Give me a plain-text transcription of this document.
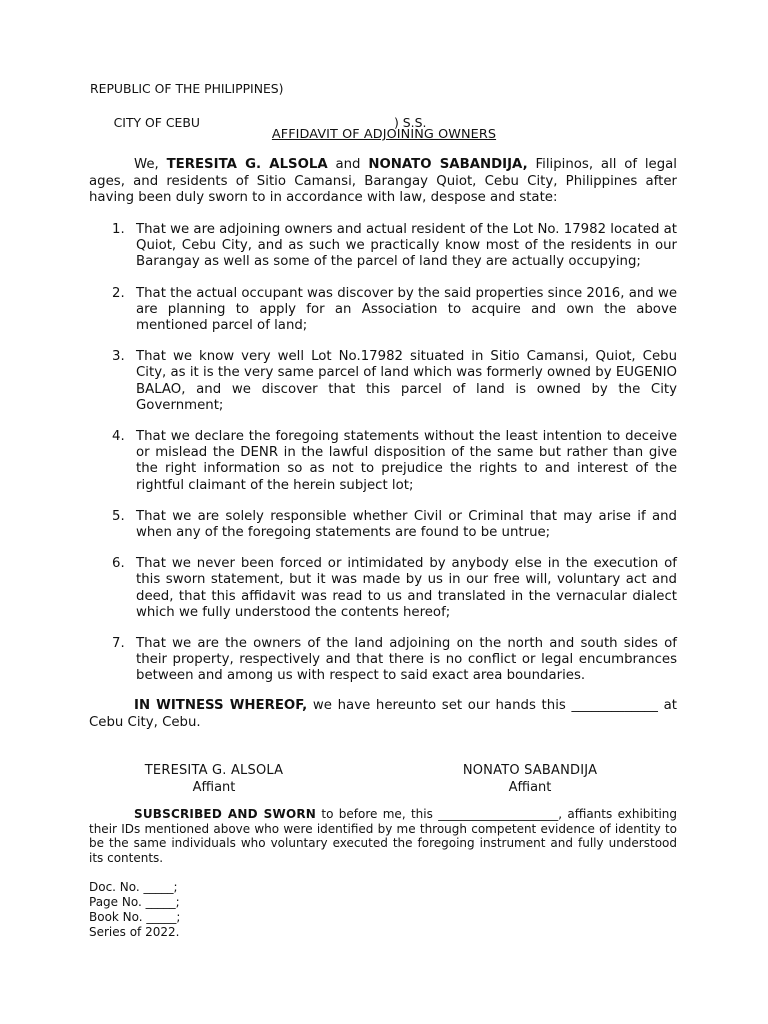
REPUBLIC OF THE PHILIPPINES)

CITY OF CEBU	) S.S.

AFFIDAVIT OF ADJOINING OWNERS
We, TERESITA G. ALSOLA and NONATO SABANDIJA, Filipinos, all of legal ages, and residents of Sitio Camansi, Barangay Quiot, Cebu City, Philippines after having been duly sworn to in accordance with law, despose and state:
1. That we are adjoining owners and actual resident of the Lot No. 17982 located at Quiot, Cebu City, and as such we practically know most of the residents in our Barangay as well as some of the parcel of land they are actually occupying;
2. That the actual occupant was discover by the said properties since 2016, and we are planning to apply for an Association to acquire and own the above mentioned parcel of land;
3. That we know very well Lot No.17982 situated in Sitio Camansi, Quiot, Cebu City, as it is the very same parcel of land which was formerly owned by EUGENIO BALAO, and we discover that this parcel of land is owned by the City Government;
4. That we declare the foregoing statements without the least intention to deceive or mislead the DENR in the lawful disposition of the same but rather than give the right information so as not to prejudice the rights to and interest of the rightful claimant of the herein subject lot;
5. That we are solely responsible whether Civil or Criminal that may arise if and when any of the foregoing statements are found to be untrue;
6. That we never been forced or intimidated by anybody else in the execution of this sworn statement, but it was made by us in our free will, voluntary act and deed, that this affidavit was read to us and translated in the vernacular dialect which we fully understood the contents hereof;
7. That we are the owners of the land adjoining on the north and south sides of their property, respectively and that there is no conflict or legal encumbrances between and among us with respect to said exact area boundaries.
IN WITNESS WHEREOF, we have hereunto set our hands this _____________ at Cebu City, Cebu.
TERESITA G. ALSOLA
Affiant
NONATO SABANDIJA
Affiant
SUBSCRIBED AND SWORN to before me, this ____________________, affiants exhibiting their IDs mentioned above who were identified by me through competent evidence of identity to be the same individuals who voluntary executed the foregoing instrument and fully understood its contents.
Doc. No. _____;
Page No. _____;
Book No. _____;
Series of 2022.
